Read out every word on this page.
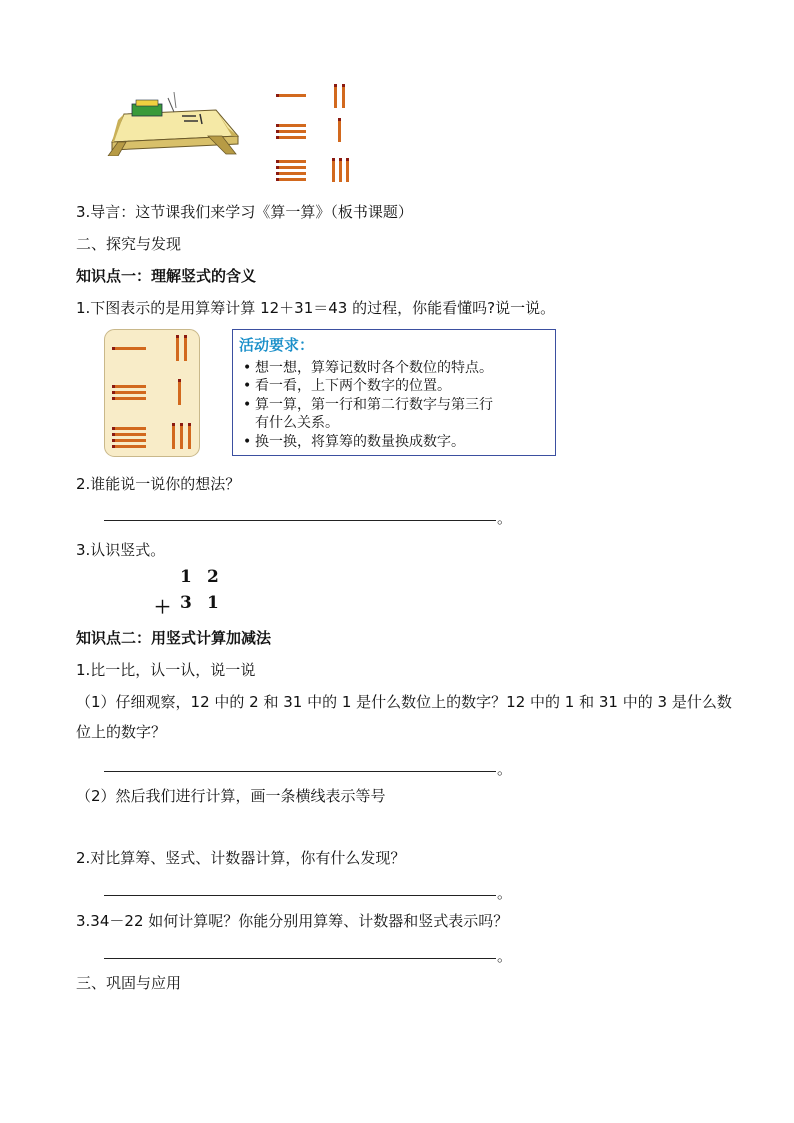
3.导言：这节课我们来学习《算一算》（板书课题）
二、探究与发现
知识点一：理解竖式的含义
1.下图表示的是用算筹计算 12＋31＝43 的过程，你能看懂吗?说一说。
活动要求：
• 想一想，算筹记数时各个数位的特点。
• 看一看，上下两个数字的位置。
• 算一算，第一行和第二行数字与第三行
有什么关系。
• 换一换，将算筹的数量换成数字。
2.谁能说一说你的想法？
。
3.认识竖式。
1 2
＋ 3 1
知识点二：用竖式计算加减法
1.比一比，认一认，说一说
（1）仔细观察，12 中的 2 和 31 中的 1 是什么数位上的数字？12 中的 1 和 31 中的 3 是什么数
位上的数字？
。
（2）然后我们进行计算，画一条横线表示等号
2.对比算筹、竖式、计数器计算，你有什么发现？
。
3.34－22 如何计算呢？你能分别用算筹、计数器和竖式表示吗？
。
三、巩固与应用
